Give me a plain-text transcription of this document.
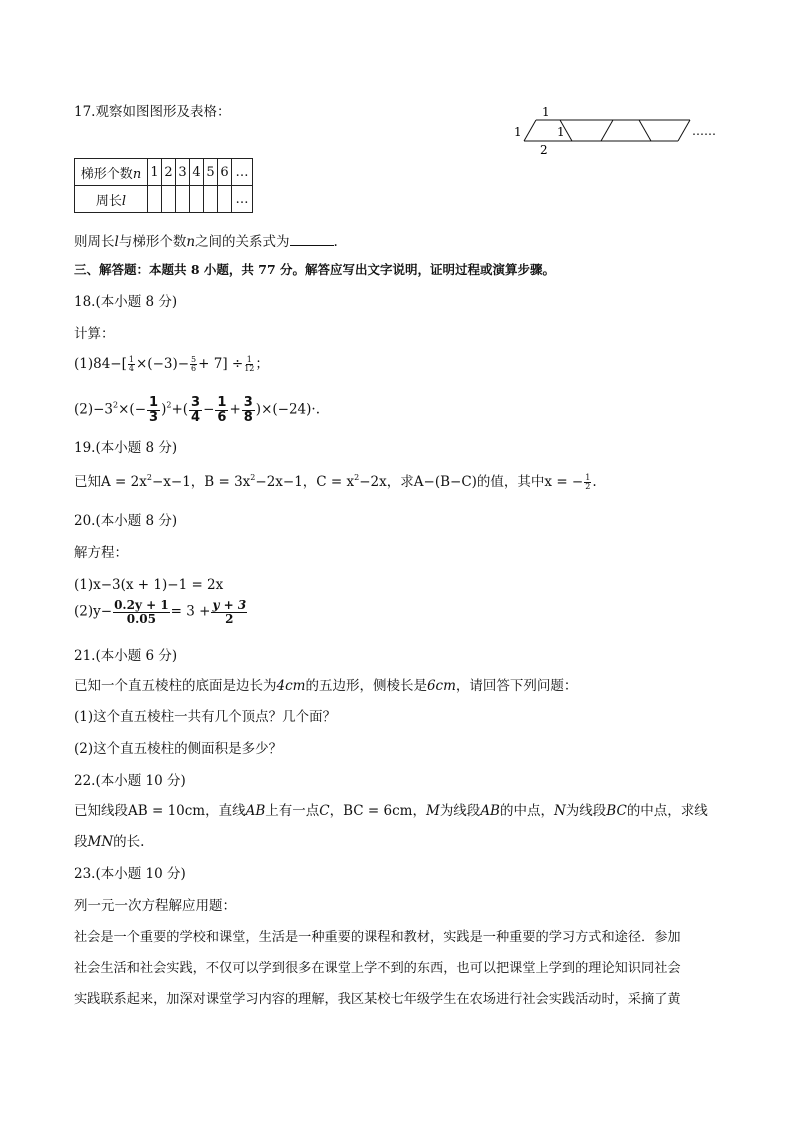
17.观察如图图形及表格：	1
1	1
2
……
梯形个数n	1	2	3	4	5	6	…
周长l							…
则周长l与梯形个数n之间的关系式为	.
三、解答题：本题共 8 小题，共 77 分。解答应写出文字说明，证明过程或演算步骤。
18.(本小题 8 分)
计算：
$(1)84-[ \frac{1}{4} \times(-3)- \frac{5}{6} + 7] \div \frac{1}{12}$ ；
$(2)-3^2\times(- \frac{1}{3} )^2+( \frac{3}{4} - \frac{1}{6} + \frac{3}{8} )\times(-24)\cdot$.
19.(本小题 8 分)
已知$A = 2x^2-x-1$，$B = 3x^2-2x-1$，$C = x^2-2x$，求A−(B−C)的值，其中x = − $\frac{1}{2}$ .
20.(本小题 8 分)
解方程：
(1)x−3(x + 1)−1 = 2x
$(2)y- \frac{0.2y + 1}{0.05} = 3 + \frac{y + 3}{2}$
21.(本小题 6 分)
已知一个直五棱柱的底面是边长为4cm的五边形，侧棱长是6cm，请回答下列问题：
(1)这个直五棱柱一共有几个顶点？几个面？
(2)这个直五棱柱的侧面积是多少？
22.(本小题 10 分)
已知线段AB = 10cm，直线AB上有一点C，BC = 6cm，M为线段AB的中点，N为线段BC的中点，求线
段MN的长.
23.(本小题 10 分)
列一元一次方程解应用题：
社会是一个重要的学校和课堂，生活是一种重要的课程和教材，实践是一种重要的学习方式和途径．参加
社会生活和社会实践，不仅可以学到很多在课堂上学不到的东西，也可以把课堂上学到的理论知识同社会
实践联系起来，加深对课堂学习内容的理解，我区某校七年级学生在农场进行社会实践活动时，采摘了黄
